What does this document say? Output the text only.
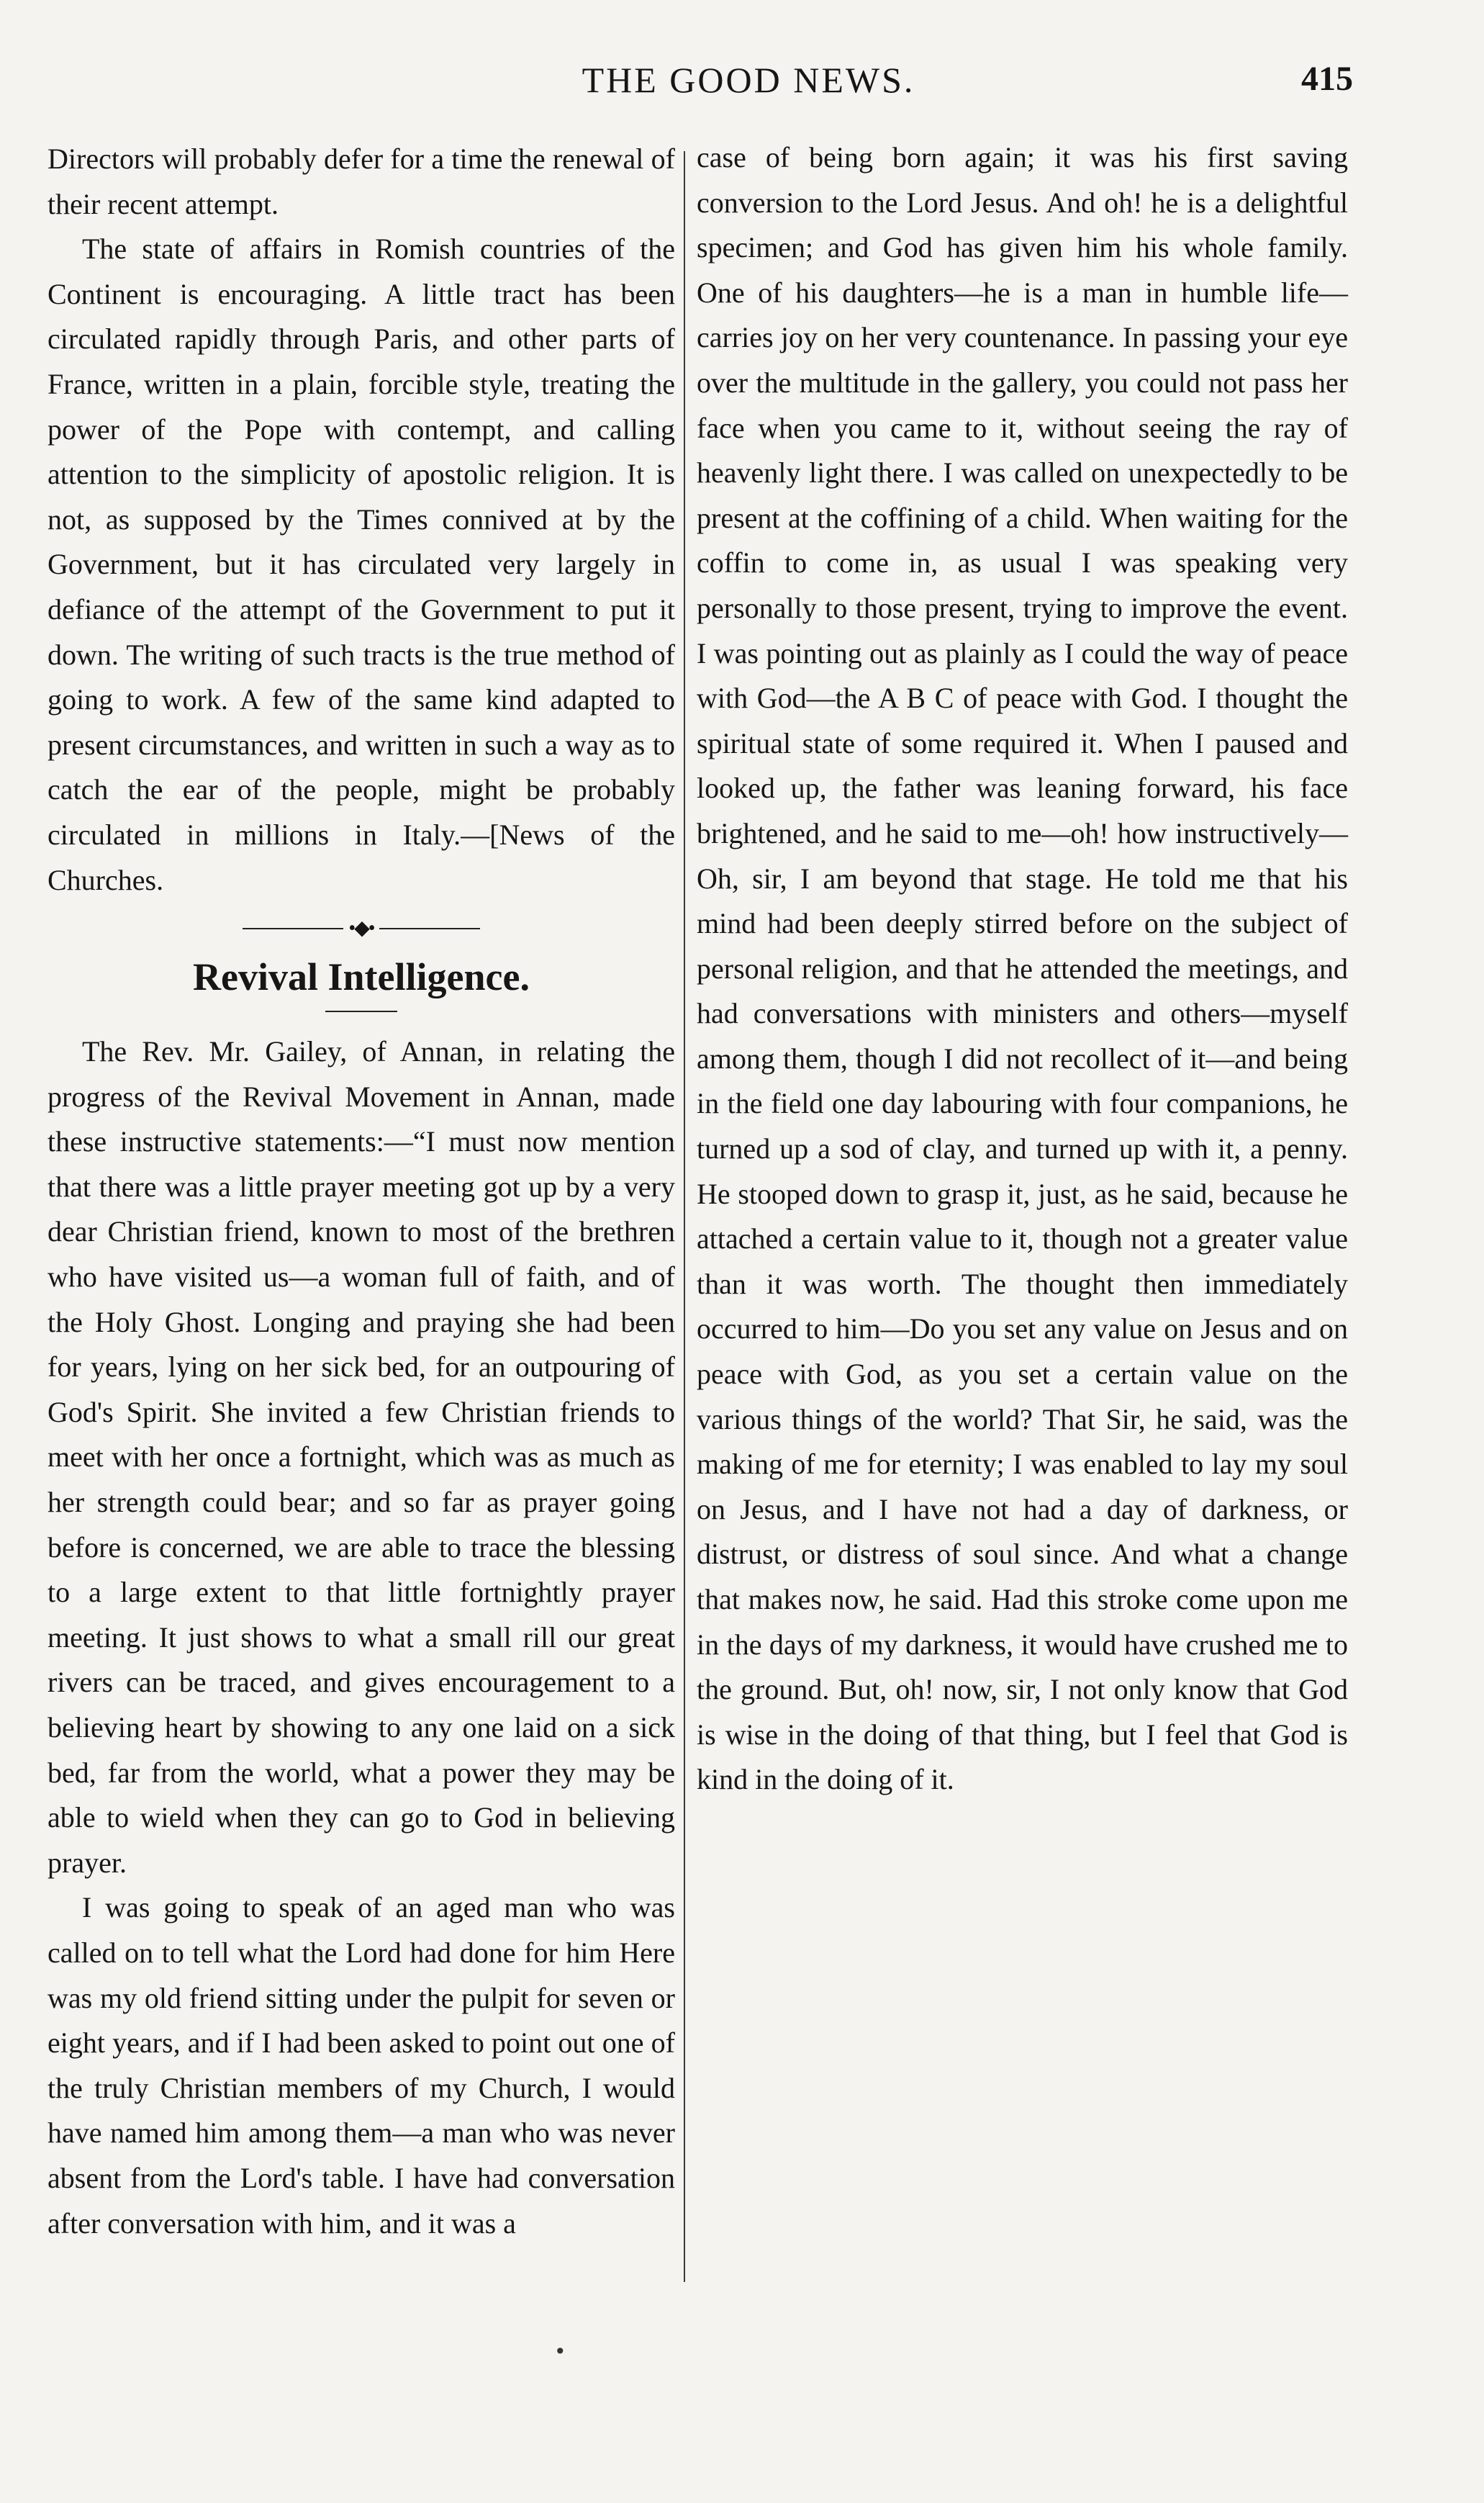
THE GOOD NEWS.	415

Directors will probably defer for a time the renewal of their recent attempt.

The state of affairs in Romish countries of the Continent is encouraging. A little tract has been circulated rapidly through Paris, and other parts of France, written in a plain, forcible style, treating the power of the Pope with contempt, and calling attention to the simplicity of apostolic religion. It is not, as supposed by the Times connived at by the Government, but it has circulated very largely in defiance of the attempt of the Government to put it down. The writing of such tracts is the true method of going to work. A few of the same kind adapted to present circumstances, and written in such a way as to catch the ear of the people, might be probably circulated in millions in Italy.—[News of the Churches.

•◆•
Revival Intelligence.

The Rev. Mr. Gailey, of Annan, in relating the progress of the Revival Movement in Annan, made these instructive statements:—“I must now mention that there was a little prayer meeting got up by a very dear Christian friend, known to most of the brethren who have visited us—a woman full of faith, and of the Holy Ghost. Longing and praying she had been for years, lying on her sick bed, for an outpouring of God's Spirit. She invited a few Christian friends to meet with her once a fortnight, which was as much as her strength could bear; and so far as prayer going before is concerned, we are able to trace the blessing to a large extent to that little fortnightly prayer meeting. It just shows to what a small rill our great rivers can be traced, and gives encouragement to a believing heart by showing to any one laid on a sick bed, far from the world, what a power they may be able to wield when they can go to God in believing prayer.

I was going to speak of an aged man who was called on to tell what the Lord had done for him Here was my old friend sitting under the pulpit for seven or eight years, and if I had been asked to point out one of the truly Christian members of my Church, I would have named him among them—a man who was never absent from the Lord's table. I have had conversation after conversation with him, and it was a

case of being born again; it was his first saving conversion to the Lord Jesus. And oh! he is a delightful specimen; and God has given him his whole family. One of his daughters—he is a man in humble life—carries joy on her very countenance. In passing your eye over the multitude in the gallery, you could not pass her face when you came to it, without seeing the ray of heavenly light there. I was called on unexpectedly to be present at the coffining of a child. When waiting for the coffin to come in, as usual I was speaking very personally to those present, trying to improve the event. I was pointing out as plainly as I could the way of peace with God—the A B C of peace with God. I thought the spiritual state of some required it. When I paused and looked up, the father was leaning forward, his face brightened, and he said to me—oh! how instructively—Oh, sir, I am beyond that stage. He told me that his mind had been deeply stirred before on the subject of personal religion, and that he attended the meetings, and had conversations with ministers and others—myself among them, though I did not recollect of it—and being in the field one day labouring with four companions, he turned up a sod of clay, and turned up with it, a penny. He stooped down to grasp it, just, as he said, because he attached a certain value to it, though not a greater value than it was worth. The thought then immediately occurred to him—Do you set any value on Jesus and on peace with God, as you set a certain value on the various things of the world? That Sir, he said, was the making of me for eternity; I was enabled to lay my soul on Jesus, and I have not had a day of darkness, or distrust, or distress of soul since. And what a change that makes now, he said. Had this stroke come upon me in the days of my darkness, it would have crushed me to the ground. But, oh! now, sir, I not only know that God is wise in the doing of that thing, but I feel that God is kind in the doing of it.

•
